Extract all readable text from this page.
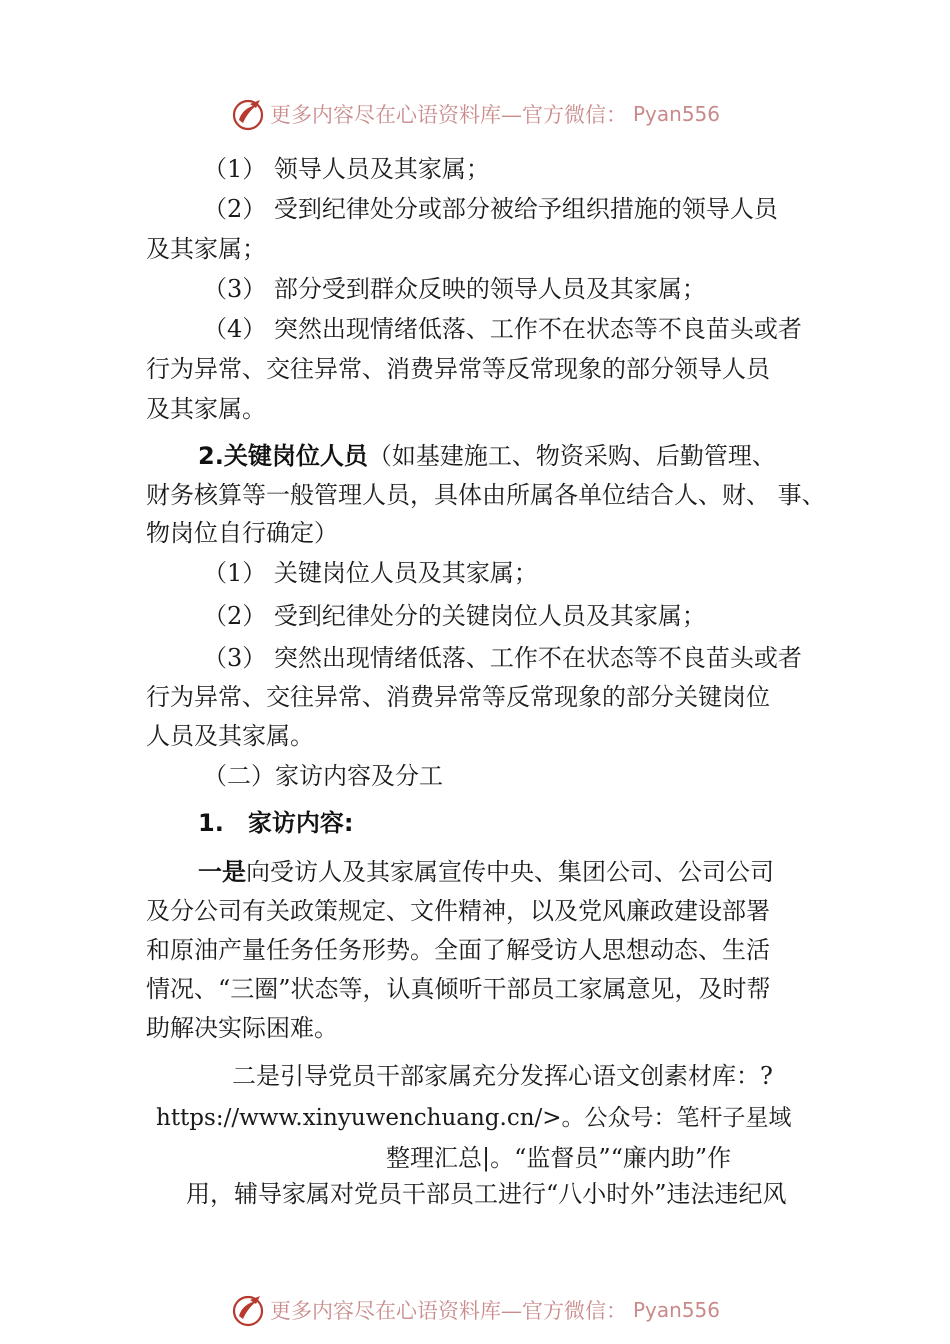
更多内容尽在心语资料库—官方微信： Pyan556
（1） 领导人员及其家属；
（2） 受到纪律处分或部分被给予组织措施的领导人员
及其家属；
（3） 部分受到群众反映的领导人员及其家属；
（4） 突然出现情绪低落、工作不在状态等不良苗头或者
行为异常、交往异常、消费异常等反常现象的部分领导人员
及其家属。
2.关键岗位人员（如基建施工、物资采购、后勤管理、
财务核算等一般管理人员，具体由所属各单位结合人、财、 事、
物岗位自行确定）
（1） 关键岗位人员及其家属；
（2） 受到纪律处分的关键岗位人员及其家属；
（3） 突然出现情绪低落、工作不在状态等不良苗头或者
行为异常、交往异常、消费异常等反常现象的部分关键岗位
人员及其家属。
（二）家访内容及分工
1.　家访内容:
一是向受访人及其家属宣传中央、集团公司、公司公司
及分公司有关政策规定、文件精神，以及党风廉政建设部署
和原油产量任务任务形势。全面了解受访人思想动态、生活
情况、“三圈”状态等，认真倾听干部员工家属意见，及时帮
助解决实际困难。
二是引导党员干部家属充分发挥心语文创素材库：?
https://www.xinyuwenchuang.cn/>。公众号：笔杆子星域
整理汇总|。“监督员”“廉内助”作
用，辅导家属对党员干部员工进行“八小时外”违法违纪风
更多内容尽在心语资料库—官方微信： Pyan556
